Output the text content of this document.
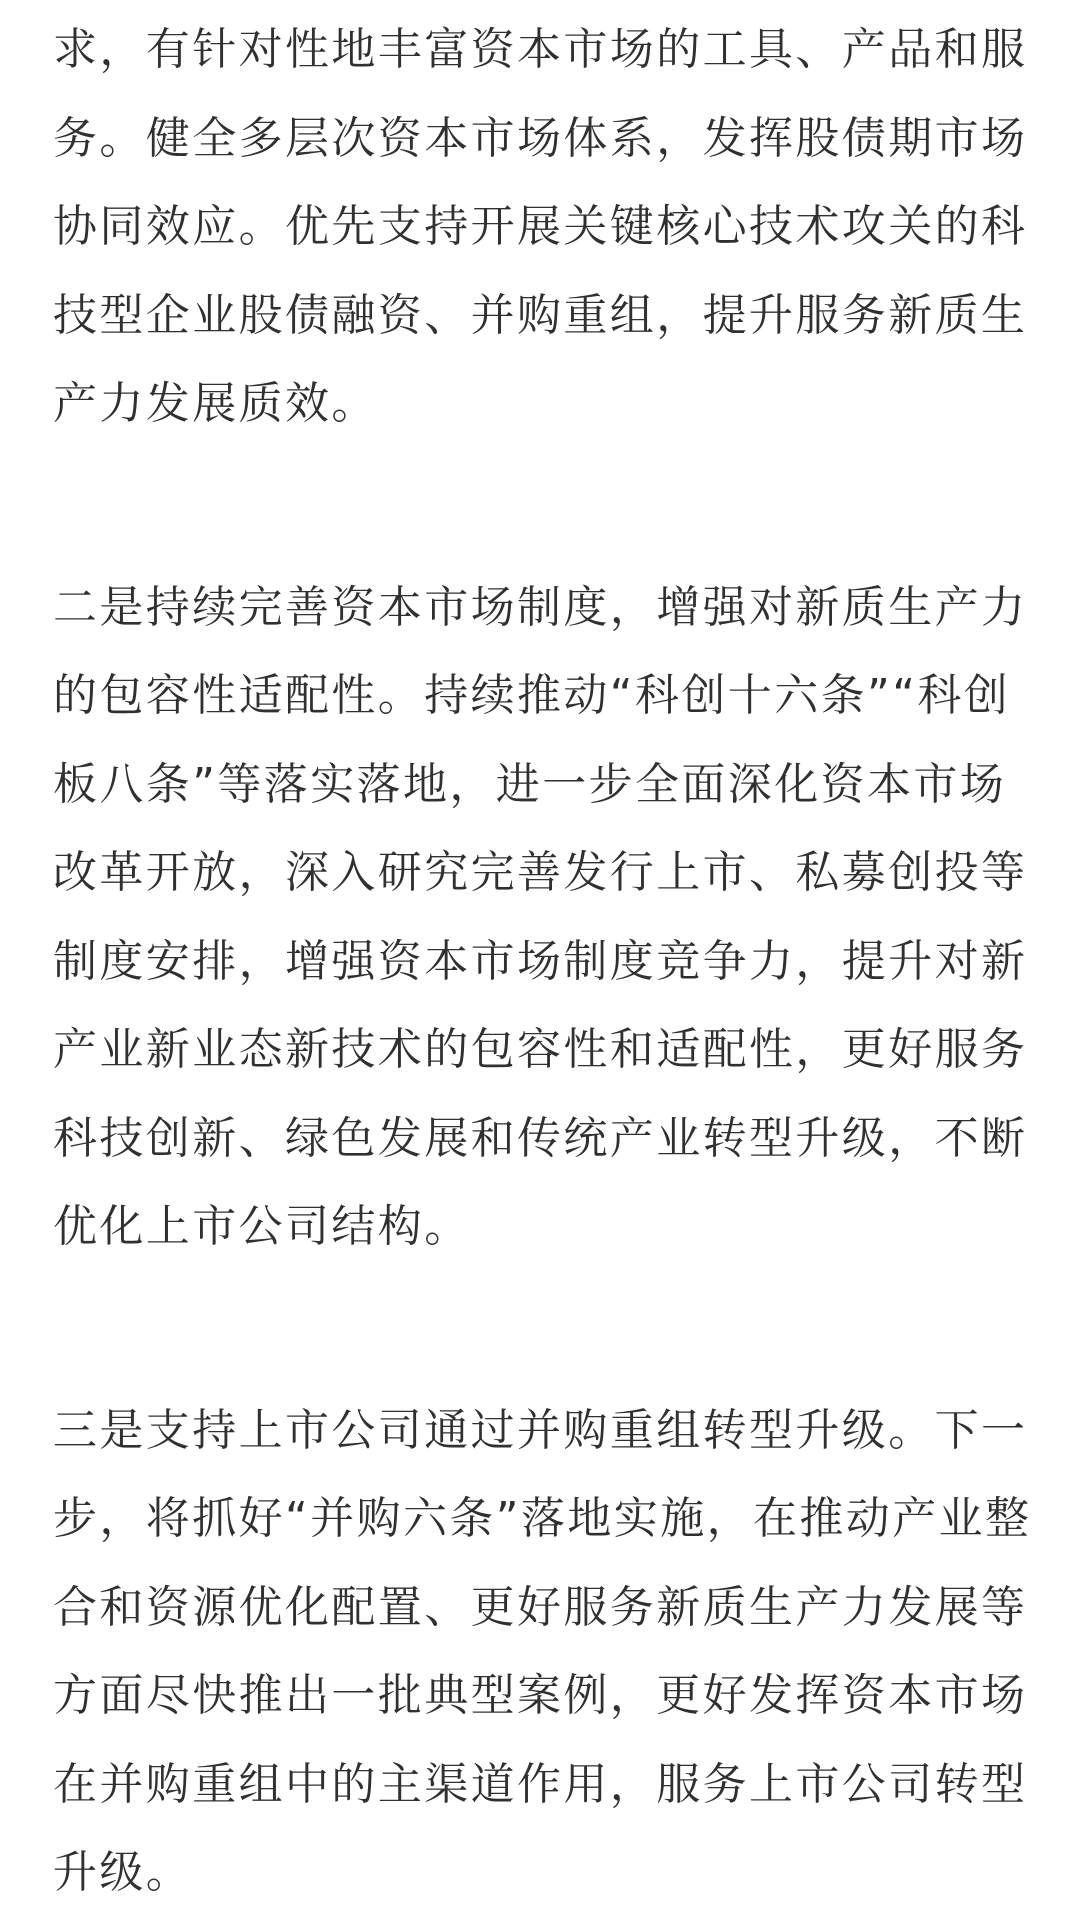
求，有针对性地丰富资本市场的工具、产品和服
务。健全多层次资本市场体系，发挥股债期市场
协同效应。优先支持开展关键核心技术攻关的科
技型企业股债融资、并购重组，提升服务新质生
产力发展质效。

二是持续完善资本市场制度，增强对新质生产力
的包容性适配性。持续推动“科创十六条”“科创
板八条”等落实落地，进一步全面深化资本市场
改革开放，深入研究完善发行上市、私募创投等
制度安排，增强资本市场制度竞争力，提升对新
产业新业态新技术的包容性和适配性，更好服务
科技创新、绿色发展和传统产业转型升级，不断
优化上市公司结构。

三是支持上市公司通过并购重组转型升级。下一
步，将抓好“并购六条”落地实施，在推动产业整
合和资源优化配置、更好服务新质生产力发展等
方面尽快推出一批典型案例，更好发挥资本市场
在并购重组中的主渠道作用，服务上市公司转型
升级。
